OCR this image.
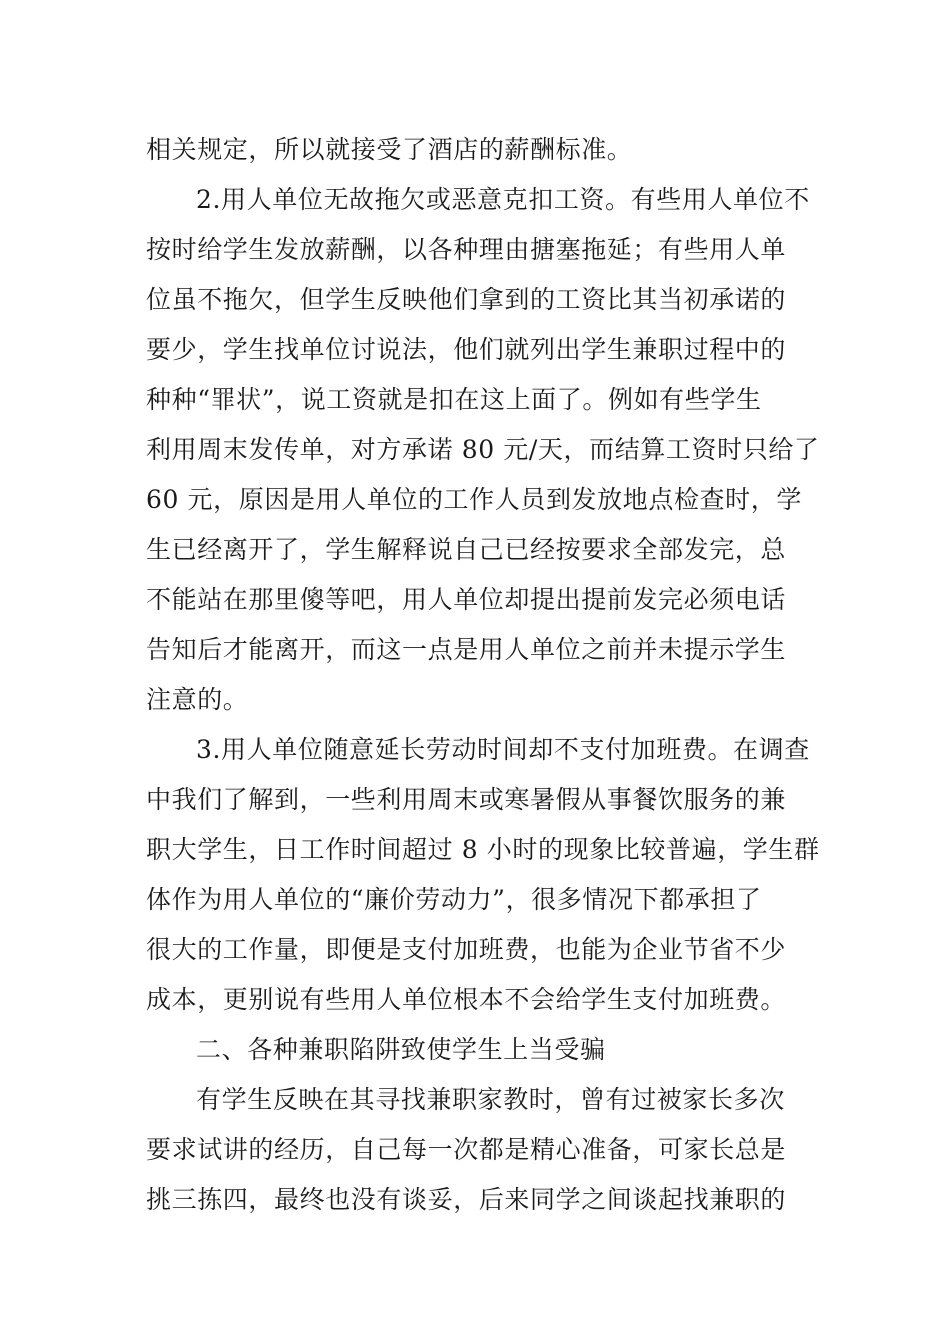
相关规定，所以就接受了酒店的薪酬标准。
2.用人单位无故拖欠或恶意克扣工资。有些用人单位不
按时给学生发放薪酬，以各种理由搪塞拖延；有些用人单
位虽不拖欠，但学生反映他们拿到的工资比其当初承诺的
要少，学生找单位讨说法，他们就列出学生兼职过程中的
种种“罪状”，说工资就是扣在这上面了。例如有些学生
利用周末发传单，对方承诺 80 元/天，而结算工资时只给了
60 元，原因是用人单位的工作人员到发放地点检查时，学
生已经离开了，学生解释说自己已经按要求全部发完，总
不能站在那里傻等吧，用人单位却提出提前发完必须电话
告知后才能离开，而这一点是用人单位之前并未提示学生
注意的。
3.用人单位随意延长劳动时间却不支付加班费。在调查
中我们了解到，一些利用周末或寒暑假从事餐饮服务的兼
职大学生，日工作时间超过 8 小时的现象比较普遍，学生群
体作为用人单位的“廉价劳动力”，很多情况下都承担了
很大的工作量，即便是支付加班费，也能为企业节省不少
成本，更别说有些用人单位根本不会给学生支付加班费。
二、各种兼职陷阱致使学生上当受骗
有学生反映在其寻找兼职家教时，曾有过被家长多次
要求试讲的经历，自己每一次都是精心准备，可家长总是
挑三拣四，最终也没有谈妥，后来同学之间谈起找兼职的
